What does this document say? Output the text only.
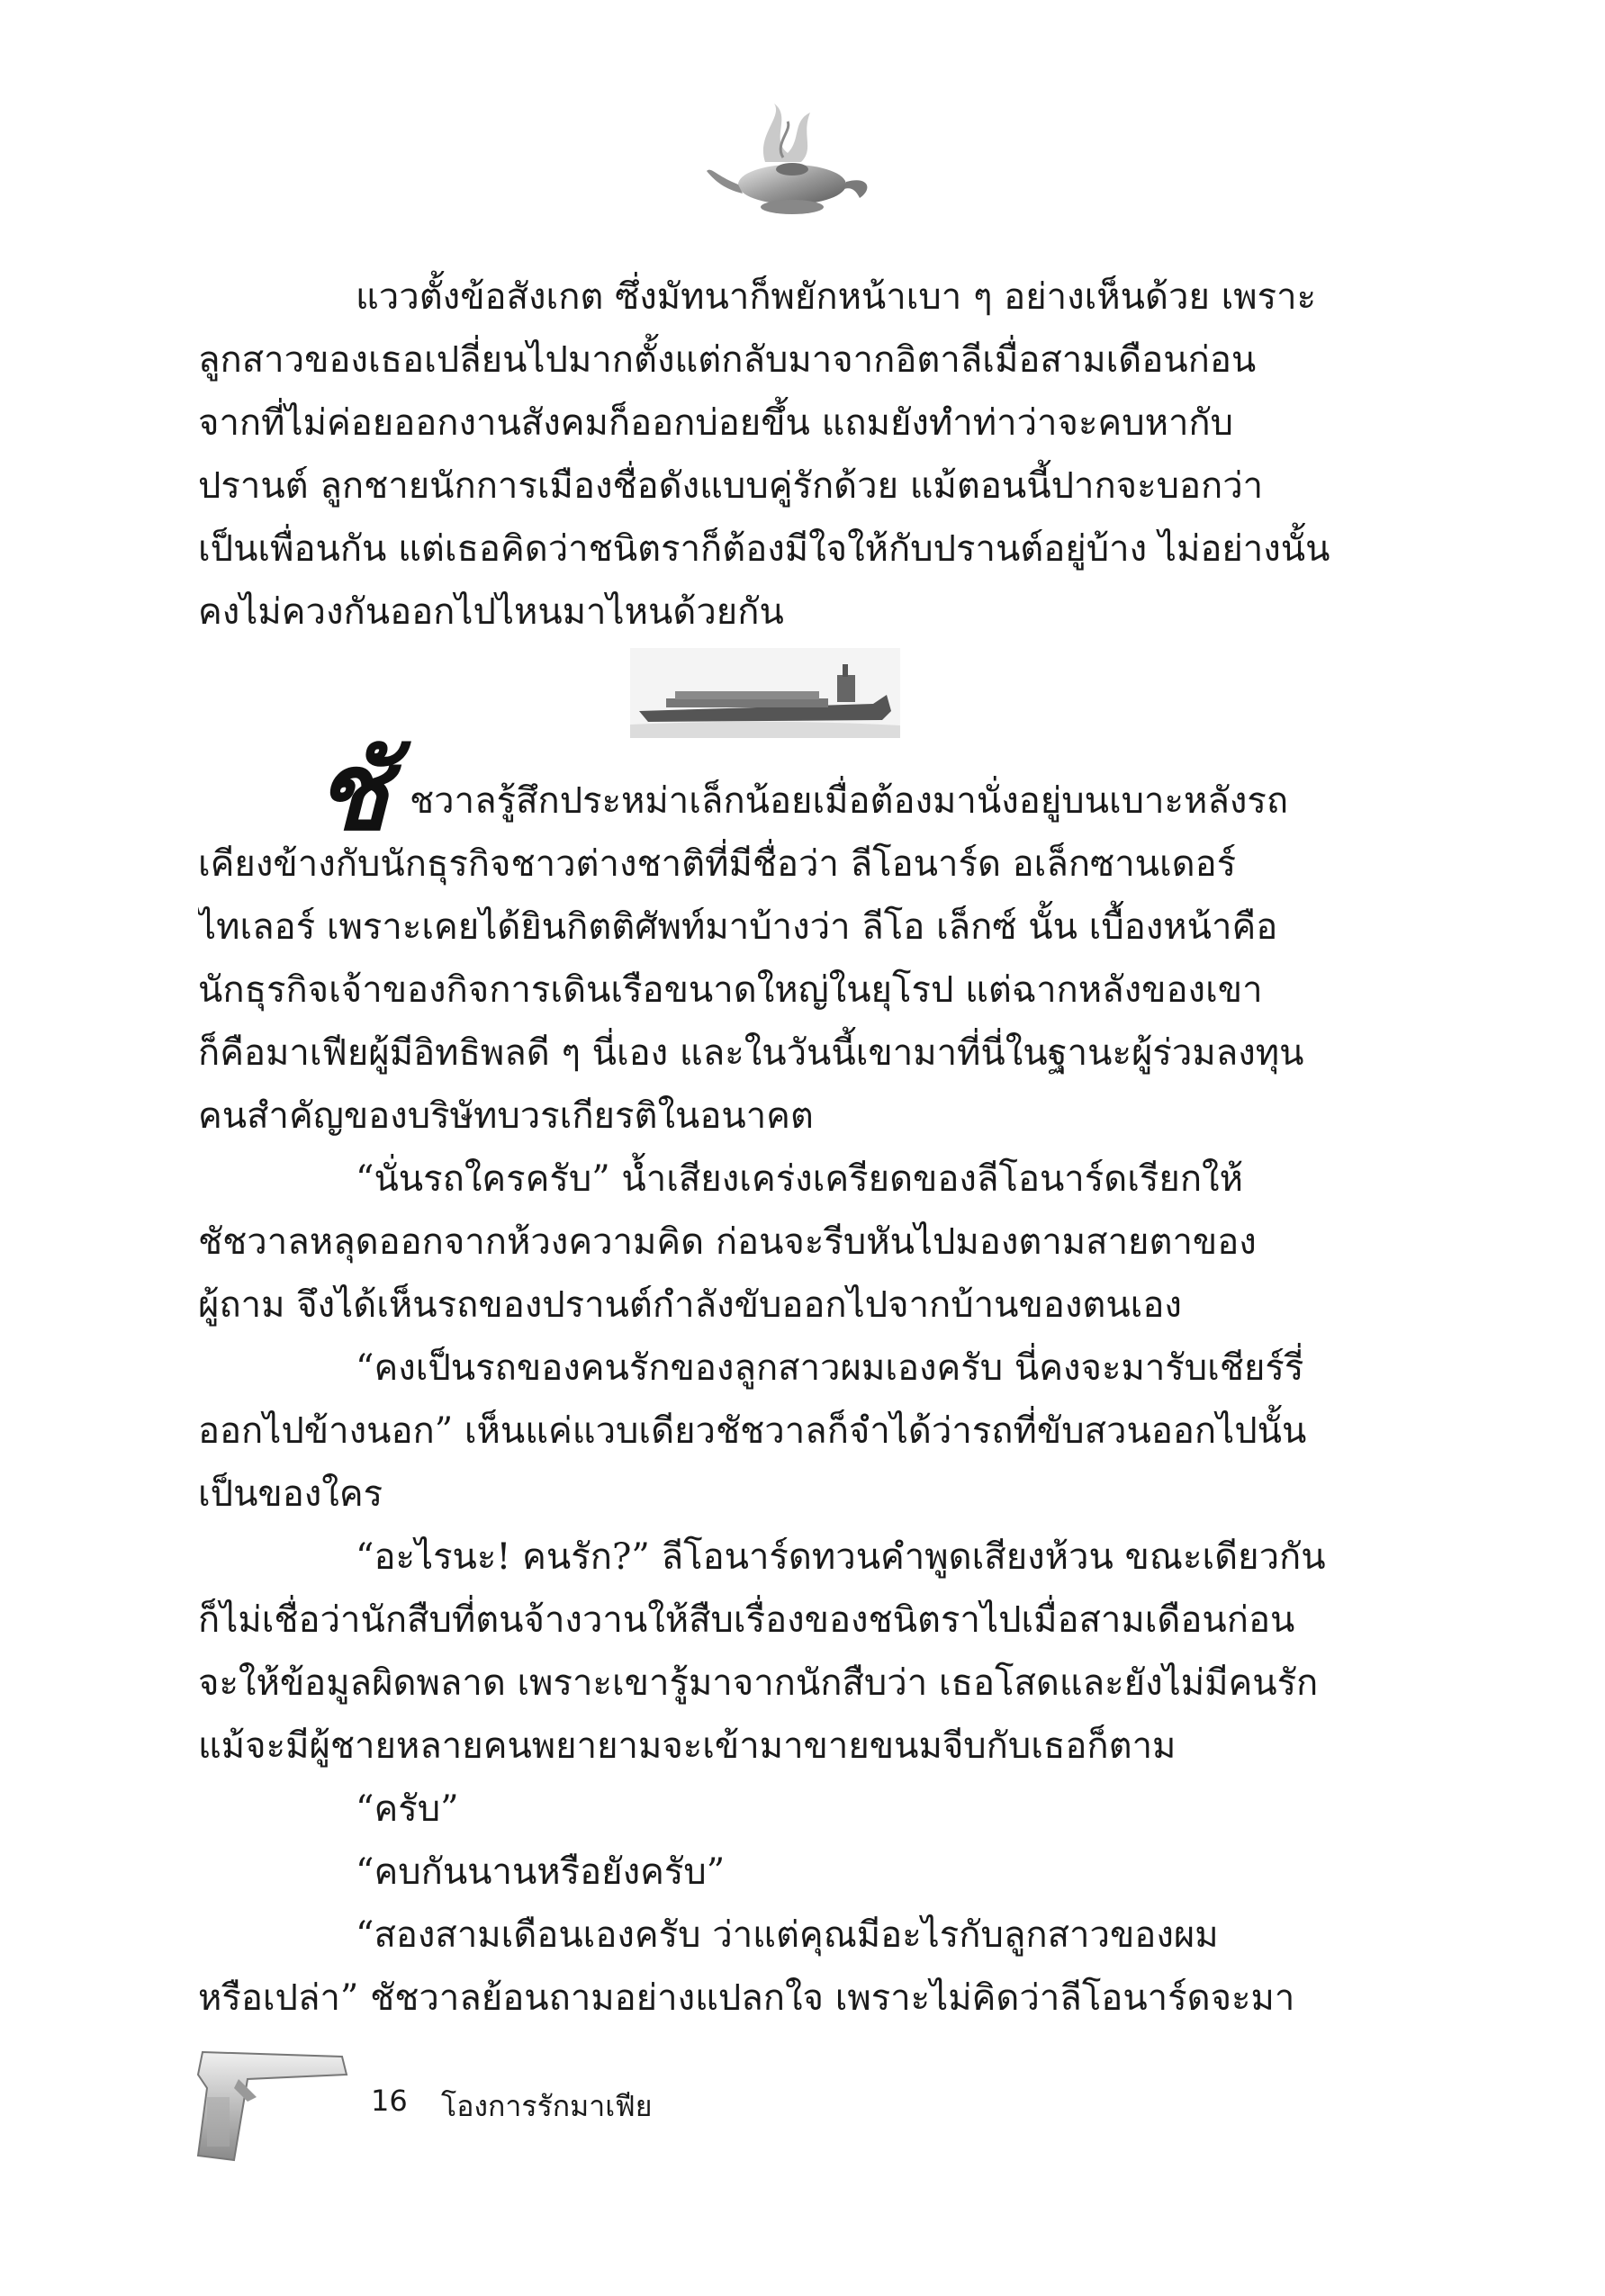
แววตั้งข้อสังเกต ซึ่งมัทนาก็พยักหน้าเบา ๆ อย่างเห็นด้วย เพราะ
ลูกสาวของเธอเปลี่ยนไปมากตั้งแต่กลับมาจากอิตาลีเมื่อสามเดือนก่อน
จากที่ไม่ค่อยออกงานสังคมก็ออกบ่อยขึ้น แถมยังทำท่าว่าจะคบหากับ
ปรานต์ ลูกชายนักการเมืองชื่อดังแบบคู่รักด้วย แม้ตอนนี้ปากจะบอกว่า
เป็นเพื่อนกัน แต่เธอคิดว่าชนิตราก็ต้องมีใจให้กับปรานต์อยู่บ้าง ไม่อย่างนั้น
คงไม่ควงกันออกไปไหนมาไหนด้วยกัน
ชั ชวาลรู้สึกประหม่าเล็กน้อยเมื่อต้องมานั่งอยู่บนเบาะหลังรถ
เคียงข้างกับนักธุรกิจชาวต่างชาติที่มีชื่อว่า ลีโอนาร์ด อเล็กซานเดอร์
ไทเลอร์ เพราะเคยได้ยินกิตติศัพท์มาบ้างว่า ลีโอ เล็กซ์ นั้น เบื้องหน้าคือ
นักธุรกิจเจ้าของกิจการเดินเรือขนาดใหญ่ในยุโรป แต่ฉากหลังของเขา
ก็คือมาเฟียผู้มีอิทธิพลดี ๆ นี่เอง และในวันนี้เขามาที่นี่ในฐานะผู้ร่วมลงทุน
คนสำคัญของบริษัทบวรเกียรติในอนาคต
“นั่นรถใครครับ” น้ำเสียงเคร่งเครียดของลีโอนาร์ดเรียกให้
ชัชวาลหลุดออกจากห้วงความคิด ก่อนจะรีบหันไปมองตามสายตาของ
ผู้ถาม จึงได้เห็นรถของปรานต์กำลังขับออกไปจากบ้านของตนเอง
“คงเป็นรถของคนรักของลูกสาวผมเองครับ นี่คงจะมารับเชียร์รี่
ออกไปข้างนอก” เห็นแค่แวบเดียวชัชวาลก็จำได้ว่ารถที่ขับสวนออกไปนั้น
เป็นของใคร
“อะไรนะ! คนรัก?” ลีโอนาร์ดทวนคำพูดเสียงห้วน ขณะเดียวกัน
ก็ไม่เชื่อว่านักสืบที่ตนจ้างวานให้สืบเรื่องของชนิตราไปเมื่อสามเดือนก่อน
จะให้ข้อมูลผิดพลาด เพราะเขารู้มาจากนักสืบว่า เธอโสดและยังไม่มีคนรัก
แม้จะมีผู้ชายหลายคนพยายามจะเข้ามาขายขนมจีบกับเธอก็ตาม
“ครับ”
“คบกันนานหรือยังครับ”
“สองสามเดือนเองครับ ว่าแต่คุณมีอะไรกับลูกสาวของผม
หรือเปล่า” ชัชวาลย้อนถามอย่างแปลกใจ เพราะไม่คิดว่าลีโอนาร์ดจะมา
16 โองการรักมาเฟีย
